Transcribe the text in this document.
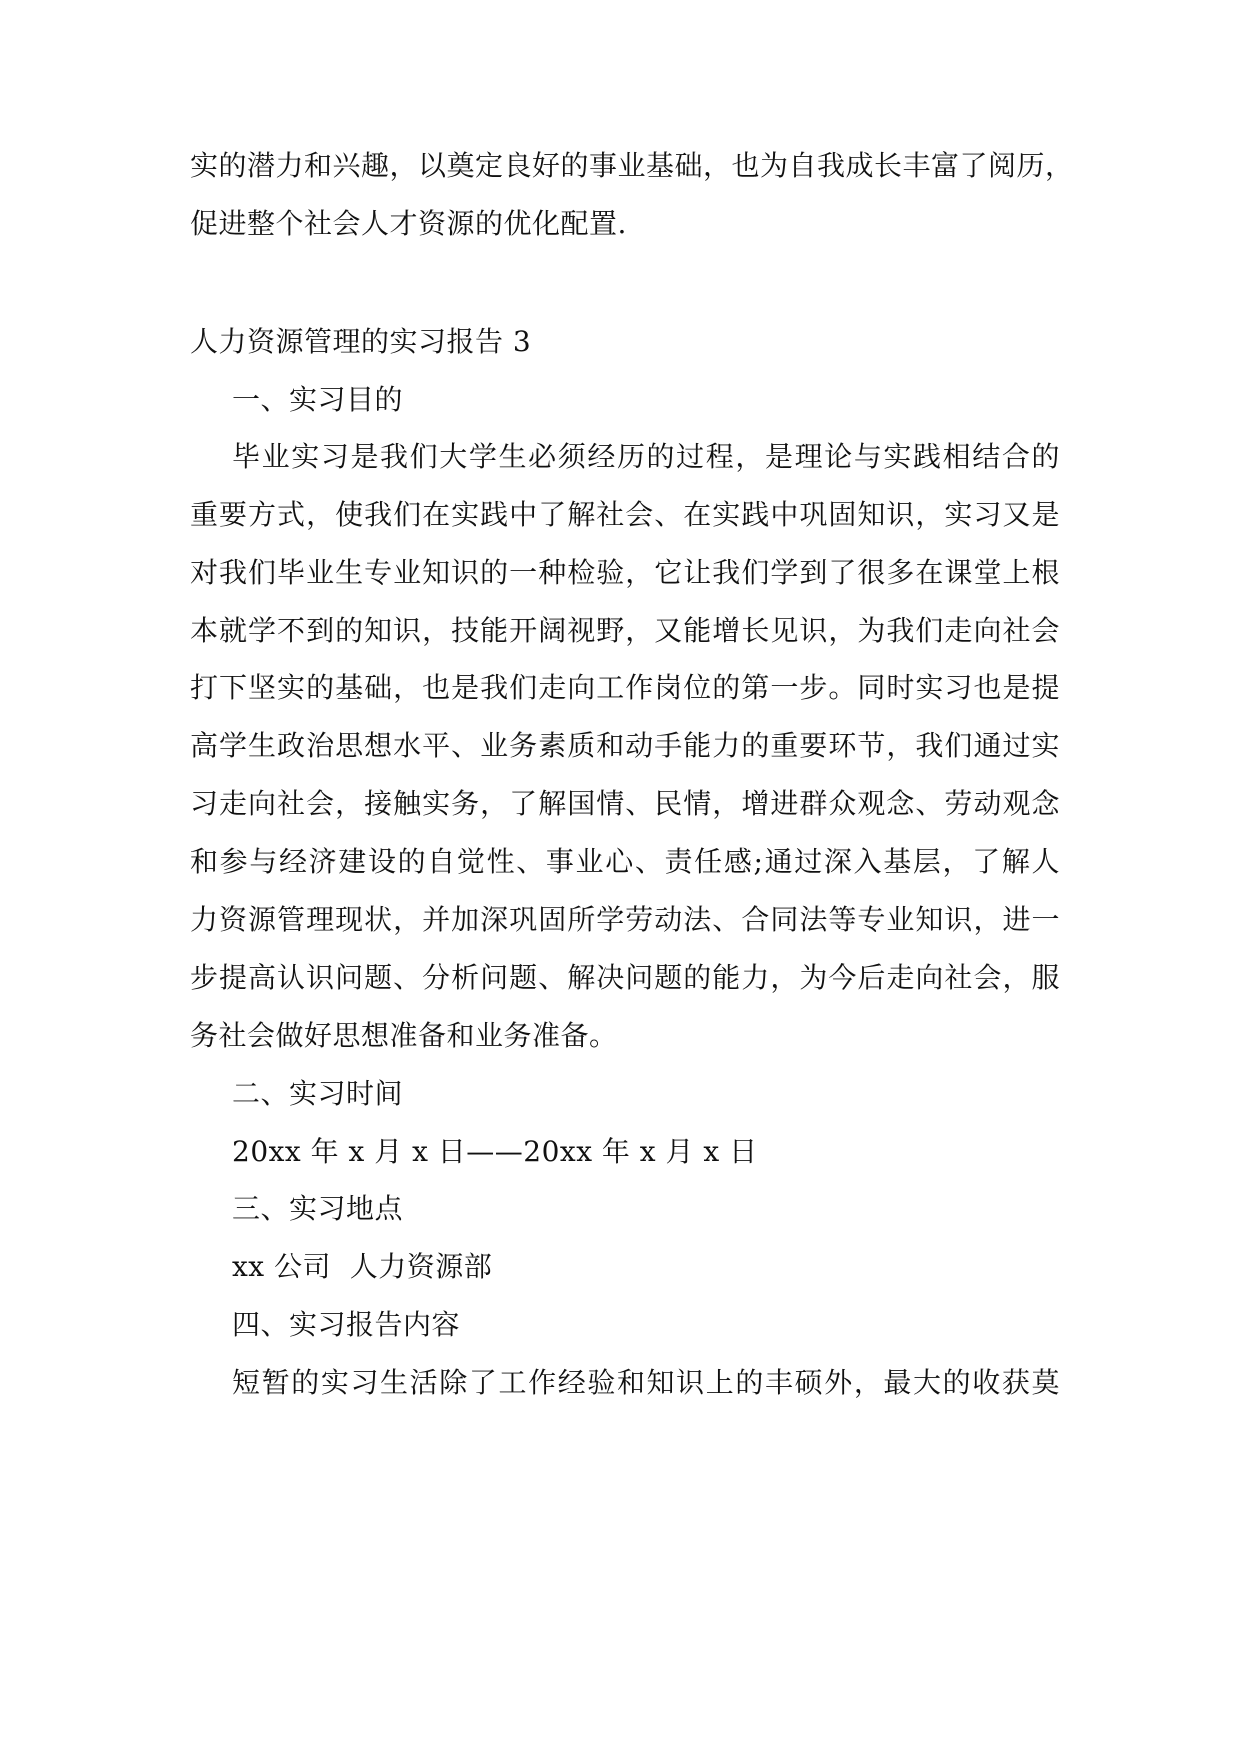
实的潜力和兴趣，以奠定良好的事业基础，也为自我成长丰富了阅历，
促进整个社会人才资源的优化配置.
人力资源管理的实习报告 3
一、实习目的
毕业实习是我们大学生必须经历的过程，是理论与实践相结合的
重要方式，使我们在实践中了解社会、在实践中巩固知识，实习又是
对我们毕业生专业知识的一种检验，它让我们学到了很多在课堂上根
本就学不到的知识，技能开阔视野，又能增长见识，为我们走向社会
打下坚实的基础，也是我们走向工作岗位的第一步。同时实习也是提
高学生政治思想水平、业务素质和动手能力的重要环节，我们通过实
习走向社会，接触实务，了解国情、民情，增进群众观念、劳动观念
和参与经济建设的自觉性、事业心、责任感;通过深入基层，了解人
力资源管理现状，并加深巩固所学劳动法、合同法等专业知识，进一
步提高认识问题、分析问题、解决问题的能力，为今后走向社会，服
务社会做好思想准备和业务准备。
二、实习时间
20xx 年 x 月 x 日——20xx 年 x 月 x 日
三、实习地点
xx 公司  人力资源部
四、实习报告内容
短暂的实习生活除了工作经验和知识上的丰硕外，最大的收获莫
